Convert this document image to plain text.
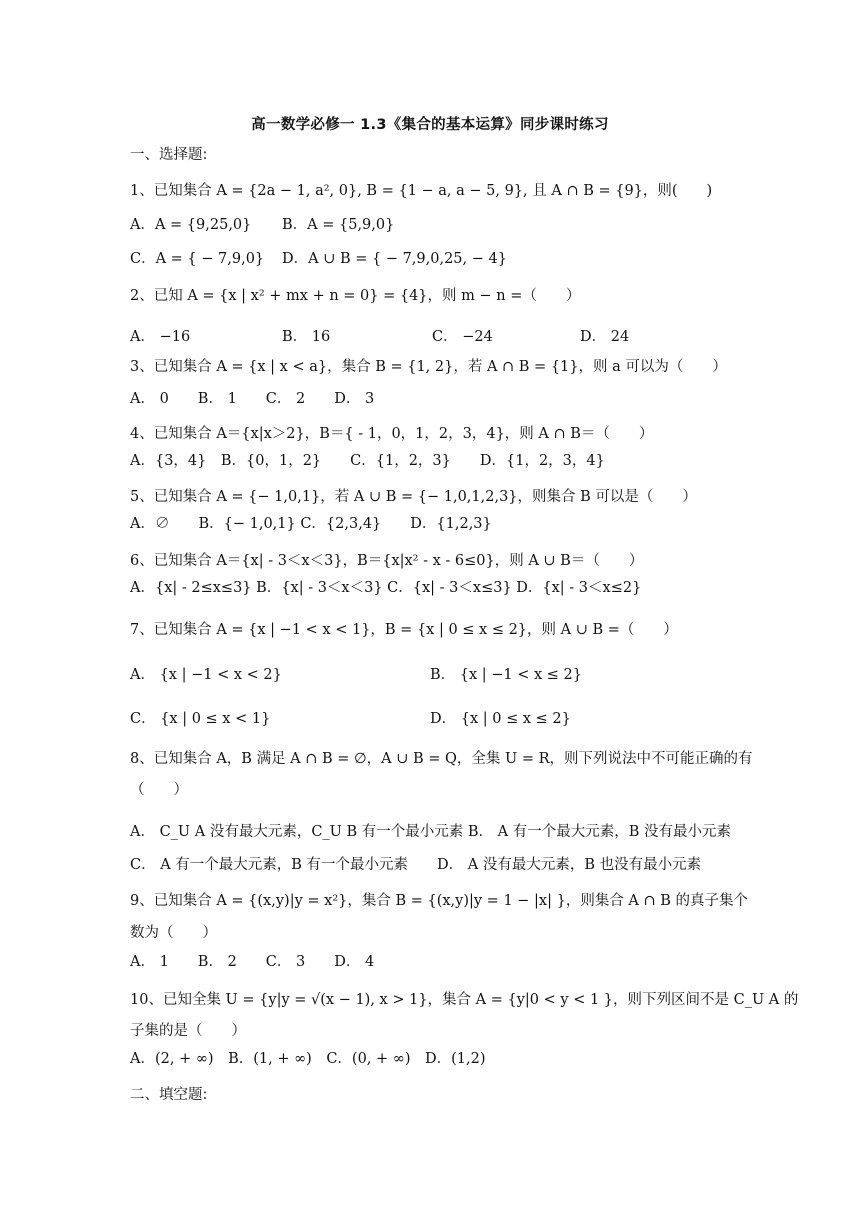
高一数学必修一 1.3《集合的基本运算》同步课时练习
一、选择题:
1、已知集合 A = {2a − 1, a², 0}, B = {1 − a, a − 5, 9}, 且 A ∩ B = {9}，则(　　)
A．A = {9,25,0} B．A = {5,9,0}
C．A = { − 7,9,0} D．A ∪ B = { − 7,9,0,25, − 4}
2、已知 A = {x | x² + mx + n = 0} = {4}，则 m − n =（　　）
A． −16	B． 16	C． −24	D． 24
3、已知集合 A = {x | x < a}，集合 B = {1, 2}，若 A ∩ B = {1}，则 a 可以为（　　）
A． 0　　B． 1　　C． 2　　D． 3
4、已知集合 A＝{x|x＞2}，B＝{ - 1，0，1，2，3，4}，则 A ∩ B＝（　　）
A．{3，4}　B．{0，1，2}　　C．{1，2，3}　　D．{1，2，3，4}
5、已知集合 A = {− 1,0,1}，若 A ∪ B = {− 1,0,1,2,3}，则集合 B 可以是（　　）
A．∅　　B．{− 1,0,1} C．{2,3,4}　　D．{1,2,3}
6、已知集合 A＝{x| - 3＜x＜3}，B＝{x|x² - x - 6≤0}，则 A ∪ B＝（　　）
A．{x| - 2≤x≤3} B．{x| - 3＜x＜3} C．{x| - 3＜x≤3} D．{x| - 3＜x≤2}
7、已知集合 A = {x | −1 < x < 1}，B = {x | 0 ≤ x ≤ 2}，则 A ∪ B =（　　）
A． {x | −1 < x < 2}	B． {x | −1 < x ≤ 2}
C． {x | 0 ≤ x < 1}	D． {x | 0 ≤ x ≤ 2}
8、已知集合 A，B 满足 A ∩ B = ∅，A ∪ B = Q，全集 U = R，则下列说法中不可能正确的有
（　　）
A． C_U A 没有最大元素，C_U B 有一个最小元素 B． A 有一个最大元素，B 没有最小元素
C． A 有一个最大元素，B 有一个最小元素　　D． A 没有最大元素，B 也没有最小元素
9、已知集合 A = {(x,y)|y = x²}，集合 B = {(x,y)|y = 1 − |x| }，则集合 A ∩ B 的真子集个
数为（　　）
A． 1　　B． 2　　C． 3　　D． 4
10、已知全集 U = {y|y = √(x − 1), x > 1}，集合 A = {y|0 < y < 1 }，则下列区间不是 C_U A 的
子集的是（　　）
A．(2, + ∞)　B．(1, + ∞)　C．(0, + ∞)　D．(1,2)
二、填空题:
